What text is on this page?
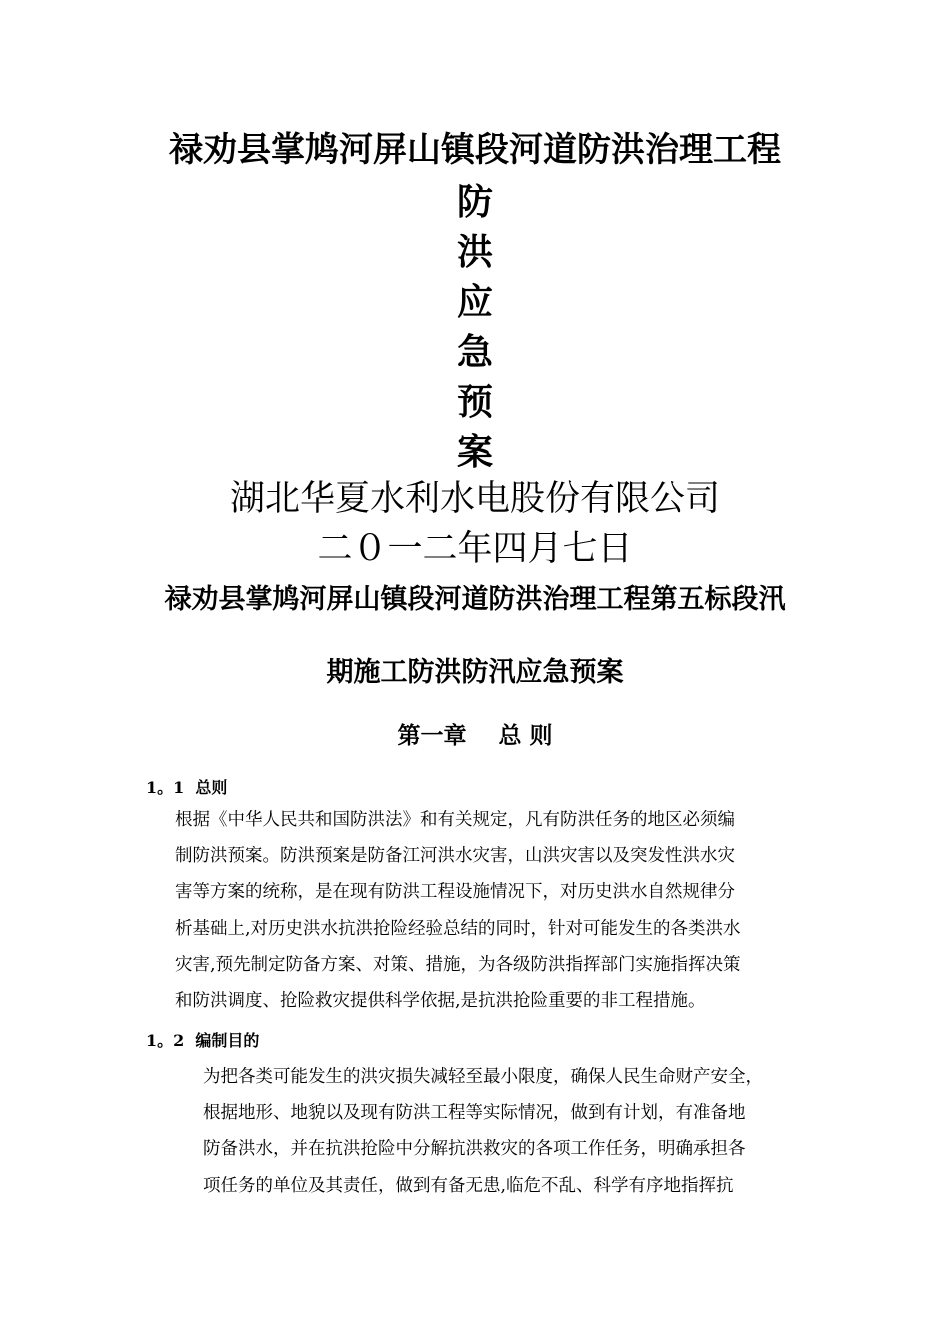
禄劝县掌鸠河屏山镇段河道防洪治理工程
防
洪
应
急
预
案
湖北华夏水利水电股份有限公司
二０一二年四月七日
禄劝县掌鸠河屏山镇段河道防洪治理工程第五标段汛
期施工防洪防汛应急预案
第一章    总 则
1。1  总则
根据《中华人民共和国防洪法》和有关规定，凡有防洪任务的地区必须编
制防洪预案。防洪预案是防备江河洪水灾害，山洪灾害以及突发性洪水灾
害等方案的统称，是在现有防洪工程设施情况下，对历史洪水自然规律分
析基础上,对历史洪水抗洪抢险经验总结的同时，针对可能发生的各类洪水
灾害,预先制定防备方案、对策、措施，为各级防洪指挥部门实施指挥决策
和防洪调度、抢险救灾提供科学依据,是抗洪抢险重要的非工程措施。
1。2  编制目的
为把各类可能发生的洪灾损失减轻至最小限度，确保人民生命财产安全，
根据地形、地貌以及现有防洪工程等实际情况，做到有计划，有准备地
防备洪水，并在抗洪抢险中分解抗洪救灾的各项工作任务，明确承担各
项任务的单位及其责任，做到有备无患,临危不乱、科学有序地指挥抗
